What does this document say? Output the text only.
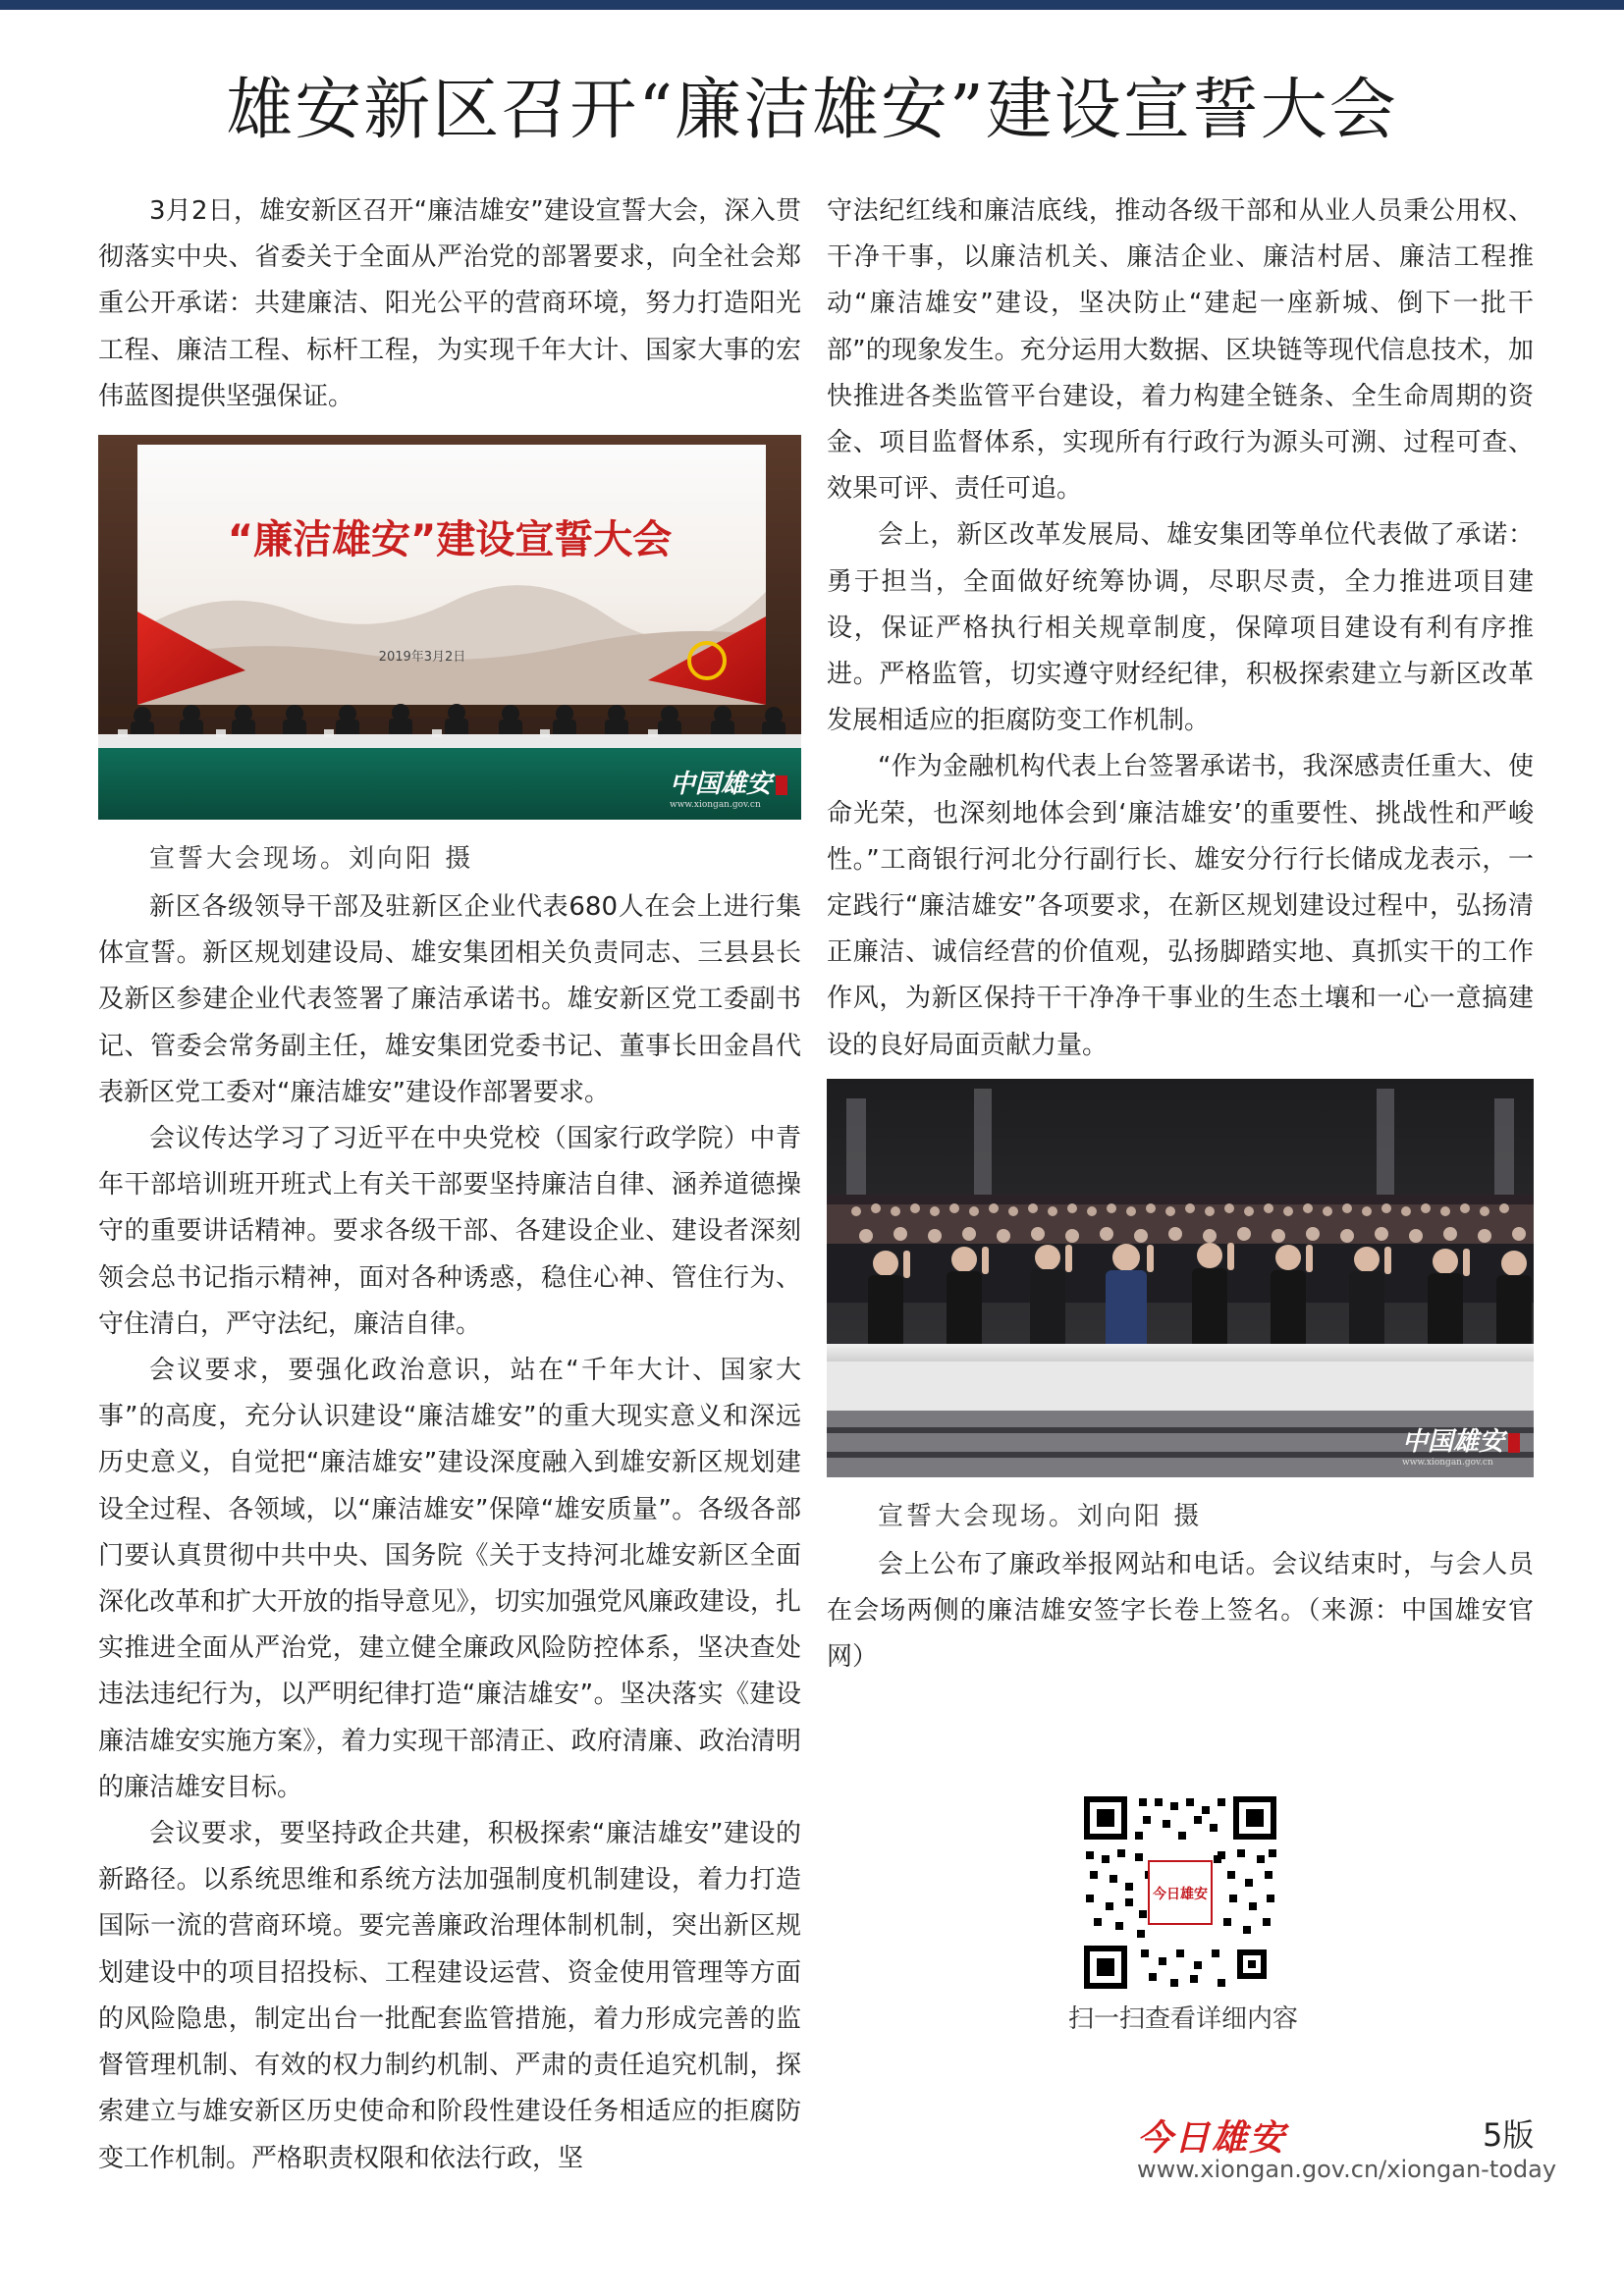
雄安新区召开“廉洁雄安”建设宣誓大会

3月2日，雄安新区召开“廉洁雄安”建设宣誓大会，深入贯彻落实中央、省委关于全面从严治党的部署要求，向全社会郑重公开承诺：共建廉洁、阳光公平的营商环境，努力打造阳光工程、廉洁工程、标杆工程，为实现千年大计、国家大事的宏伟蓝图提供坚强保证。

“廉洁雄安”建设宣誓大会
2019年3月2日
中国雄安
www.xiongan.gov.cn

宣誓大会现场。刘向阳 摄

新区各级领导干部及驻新区企业代表680人在会上进行集体宣誓。新区规划建设局、雄安集团相关负责同志、三县县长及新区参建企业代表签署了廉洁承诺书。雄安新区党工委副书记、管委会常务副主任，雄安集团党委书记、董事长田金昌代表新区党工委对“廉洁雄安”建设作部署要求。

会议传达学习了习近平在中央党校（国家行政学院）中青年干部培训班开班式上有关干部要坚持廉洁自律、涵养道德操守的重要讲话精神。要求各级干部、各建设企业、建设者深刻领会总书记指示精神，面对各种诱惑，稳住心神、管住行为、守住清白，严守法纪，廉洁自律。

会议要求，要强化政治意识，站在“千年大计、国家大事”的高度，充分认识建设“廉洁雄安”的重大现实意义和深远历史意义，自觉把“廉洁雄安”建设深度融入到雄安新区规划建设全过程、各领域，以“廉洁雄安”保障“雄安质量”。各级各部门要认真贯彻中共中央、国务院《关于支持河北雄安新区全面深化改革和扩大开放的指导意见》，切实加强党风廉政建设，扎实推进全面从严治党，建立健全廉政风险防控体系，坚决查处违法违纪行为，以严明纪律打造“廉洁雄安”。坚决落实《建设廉洁雄安实施方案》，着力实现干部清正、政府清廉、政治清明的廉洁雄安目标。

会议要求，要坚持政企共建，积极探索“廉洁雄安”建设的新路径。以系统思维和系统方法加强制度机制建设，着力打造国际一流的营商环境。要完善廉政治理体制机制，突出新区规划建设中的项目招投标、工程建设运营、资金使用管理等方面的风险隐患，制定出台一批配套监管措施，着力形成完善的监督管理机制、有效的权力制约机制、严肃的责任追究机制，探索建立与雄安新区历史使命和阶段性建设任务相适应的拒腐防变工作机制。严格职责权限和依法行政，坚

守法纪红线和廉洁底线，推动各级干部和从业人员秉公用权、干净干事，以廉洁机关、廉洁企业、廉洁村居、廉洁工程推动“廉洁雄安”建设，坚决防止“建起一座新城、倒下一批干部”的现象发生。充分运用大数据、区块链等现代信息技术，加快推进各类监管平台建设，着力构建全链条、全生命周期的资金、项目监督体系，实现所有行政行为源头可溯、过程可查、效果可评、责任可追。

会上，新区改革发展局、雄安集团等单位代表做了承诺：勇于担当，全面做好统筹协调，尽职尽责，全力推进项目建设，保证严格执行相关规章制度，保障项目建设有利有序推进。严格监管，切实遵守财经纪律，积极探索建立与新区改革发展相适应的拒腐防变工作机制。

“作为金融机构代表上台签署承诺书，我深感责任重大、使命光荣，也深刻地体会到‘廉洁雄安’的重要性、挑战性和严峻性。”工商银行河北分行副行长、雄安分行行长储成龙表示，一定践行“廉洁雄安”各项要求，在新区规划建设过程中，弘扬清正廉洁、诚信经营的价值观，弘扬脚踏实地、真抓实干的工作作风，为新区保持干干净净干事业的生态土壤和一心一意搞建设的良好局面贡献力量。

中国雄安
www.xiongan.gov.cn

宣誓大会现场。刘向阳 摄

会上公布了廉政举报网站和电话。会议结束时，与会人员在会场两侧的廉洁雄安签字长卷上签名。（来源：中国雄安官网）

今日雄安
扫一扫查看详细内容
今日雄安	5版
www.xiongan.gov.cn/xiongan-today
